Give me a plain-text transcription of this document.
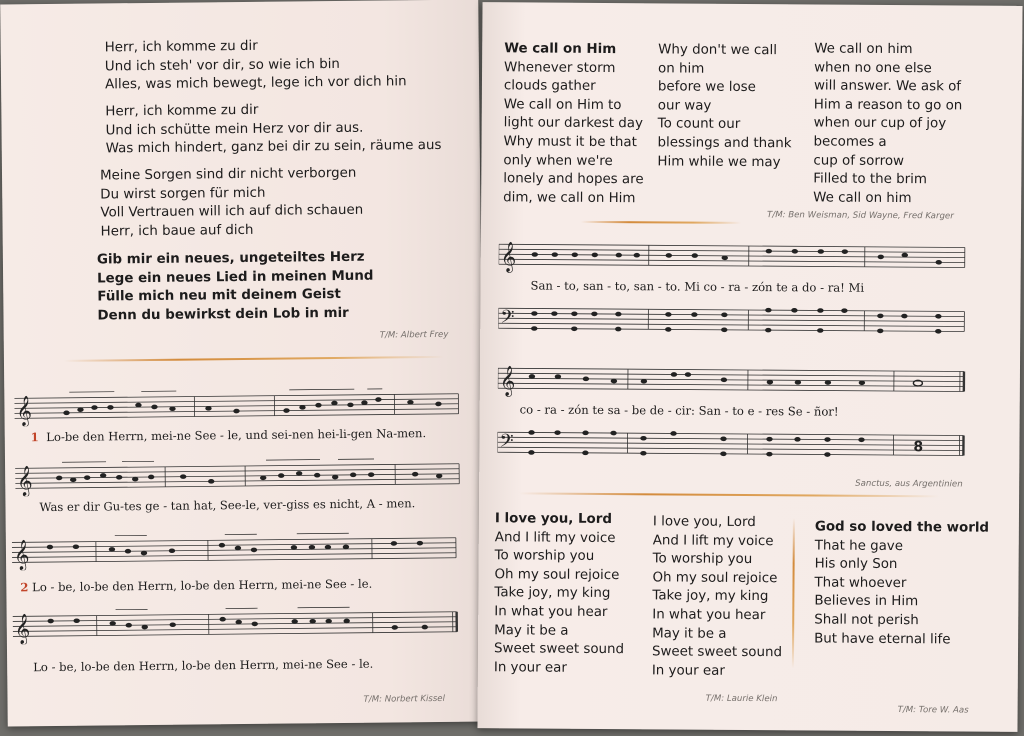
Herr, ich komme zu dir
Und ich steh' vor dir, so wie ich bin
Alles, was mich bewegt, lege ich vor dich hin
Herr, ich komme zu dir
Und ich schütte mein Herz vor dir aus.
Was mich hindert, ganz bei dir zu sein, räume aus
Meine Sorgen sind dir nicht verborgen
Du wirst sorgen für mich
Voll Vertrauen will ich auf dich schauen
Herr, ich baue auf dich
Gib mir ein neues, ungeteiltes Herz
Lege ein neues Lied in meinen Mund
Fülle mich neu mit deinem Geist
Denn du bewirkst dein Lob in mir
T/M: Albert Frey
𝄞
1 Lo-be den Herrn, mei-ne See - le, und sei-nen hei-li-gen Na-men.
𝄞
Was er dir Gu-tes ge - tan hat, See-le, ver-giss es nicht, A - men.
𝄞
2 Lo - be, lo-be den Herrn, lo-be den Herrn, mei-ne See - le.
𝄞
Lo - be, lo-be den Herrn, lo-be den Herrn, mei-ne See - le.
T/M: Norbert Kissel
We call on Him
Whenever storm
clouds gather
We call on Him to
light our darkest day
Why must it be that
only when we're
lonely and hopes are
dim, we call on Him
Why don't we call
on him
before we lose
our way
To count our
blessings and thank
Him while we may
We call on him
when no one else
will answer. We ask of
Him a reason to go on
when our cup of joy
becomes a
cup of sorrow
Filled to the brim
We call on him
T/M: Ben Weisman, Sid Wayne, Fred Karger
𝄞
𝄢
San - to, san - to, san - to. Mi co - ra - zón te a do - ra! Mi
𝄞
𝄢	8
co - ra - zón te sa - be de - cir: San - to e - res Se - ñor!
Sanctus, aus Argentinien
I love you, Lord
And I lift my voice
To worship you
Oh my soul rejoice
Take joy, my king
In what you hear
May it be a
Sweet sweet sound
In your ear
I love you, Lord
And I lift my voice
To worship you
Oh my soul rejoice
Take joy, my king
In what you hear
May it be a
Sweet sweet sound
In your ear
God so loved the world
That he gave
His only Son
That whoever
Believes in Him
Shall not perish
But have eternal life
T/M: Laurie Klein
T/M: Tore W. Aas
